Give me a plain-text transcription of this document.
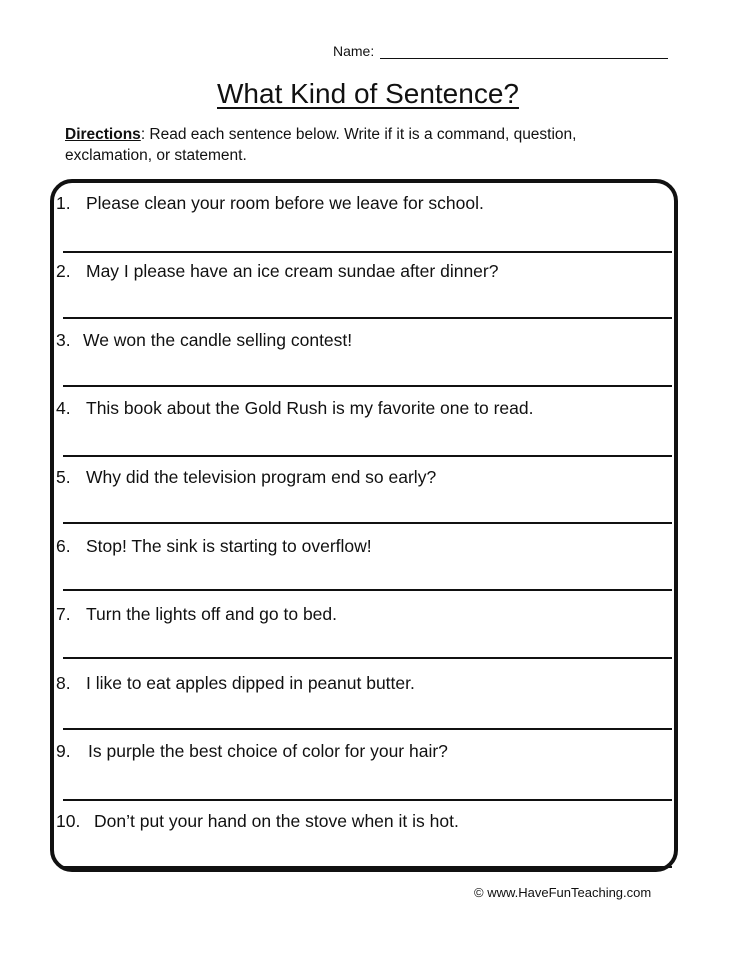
Name:
What Kind of Sentence?
Directions: Read each sentence below. Write if it is a command, question, exclamation, or statement.
1. Please clean your room before we leave for school.
2. May I please have an ice cream sundae after dinner?
3. We won the candle selling contest!
4. This book about the Gold Rush is my favorite one to read.
5. Why did the television program end so early?
6. Stop! The sink is starting to overflow!
7. Turn the lights off and go to bed.
8. I like to eat apples dipped in peanut butter.
9. Is purple the best choice of color for your hair?
10. Don’t put your hand on the stove when it is hot.
© www.HaveFunTeaching.com
